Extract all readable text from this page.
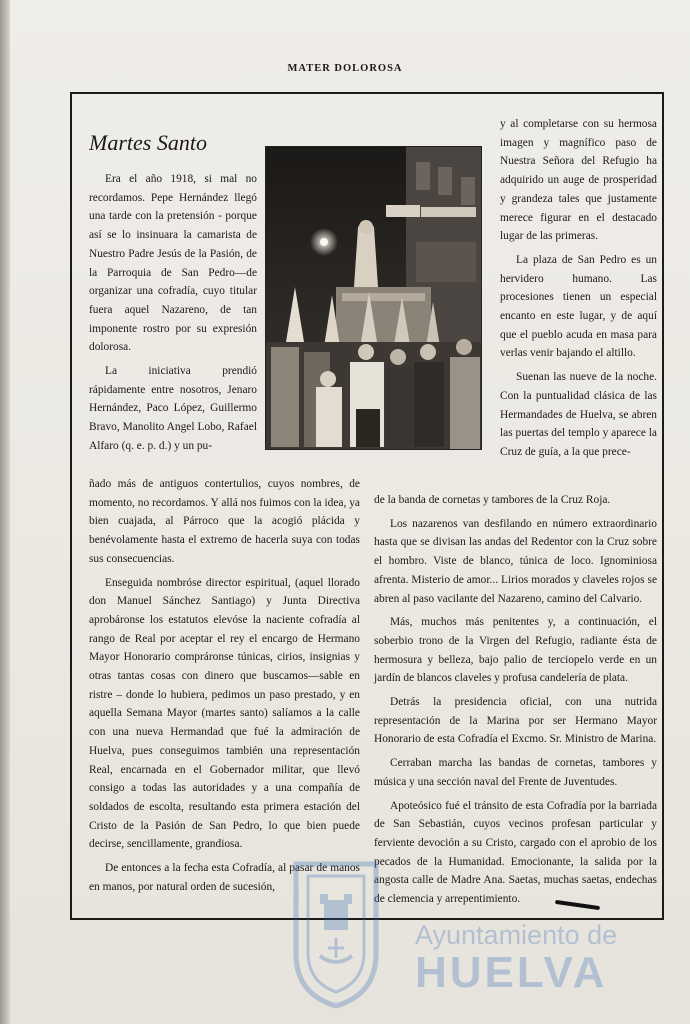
MATER DOLOROSA
Martes Santo

Era el año 1918, si mal no recordamos. Pepe Hernández llegó una tarde con la pretensión - porque así se lo insinuara la camarista de Nuestro Padre Jesús de la Pasión, de la Parroquia de San Pedro—de organizar una cofradía, cuyo titular fuera aquel Nazareno, de tan imponente rostro por su expresión dolorosa.

La iniciativa prendió rápidamente entre nosotros, Jenaro Hernández, Paco López, Guillermo Bravo, Manolito Angel Lobo, Rafael Alfaro (q. e. p. d.) y un pu-

y al completarse con su hermosa imagen y magnífico paso de Nuestra Señora del Refugio ha adquirido un auge de prosperidad y grandeza tales que justamente merece figurar en el destacado lugar de las primeras.

La plaza de San Pedro es un hervidero humano. Las procesiones tienen un especial encanto en este lugar, y de aquí que el pueblo acuda en masa para verlas venir bajando el altillo.

Suenan las nueve de la noche. Con la puntualidad clásica de las Hermandades de Huelva, se abren las puertas del templo y aparece la Cruz de guía, a la que prece-

ñado más de antiguos contertulios, cuyos nombres, de momento, no recordamos. Y allá nos fuimos con la idea, ya bien cuajada, al Párroco que la acogió plácida y benévolamente hasta el extremo de hacerla suya con todas sus consecuencias.

Enseguida nombróse director espiritual, (aquel llorado don Manuel Sánchez Santiago) y Junta Directiva aprobáronse los estatutos elevóse la naciente cofradía al rango de Real por aceptar el rey el encargo de Hermano Mayor Honorario compráronse túnicas, cirios, insignias y otras tantas cosas con dinero que buscamos—sable en ristre – donde lo hubiera, pedimos un paso prestado, y en aquella Semana Mayor (martes santo) salíamos a la calle con una nueva Hermandad que fué la admiración de Huelva, pues conseguimos también una representación Real, encarnada en el Gobernador militar, que llevó consigo a todas las autoridades y a una compañía de soldados de escolta, resultando esta primera estación del Cristo de la Pasión de San Pedro, lo que bien puede decirse, sencillamente, grandiosa.

De entonces a la fecha esta Cofradía, al pasar de manos en manos, por natural orden de sucesión,

de la banda de cornetas y tambores de la Cruz Roja.

Los nazarenos van desfilando en número extraordinario hasta que se divisan las andas del Redentor con la Cruz sobre el hombro. Viste de blanco, túnica de loco. Ignominiosa afrenta. Misterio de amor... Lirios morados y claveles rojos se abren al paso vacilante del Nazareno, camino del Calvario.

Más, muchos más penitentes y, a continuación, el soberbio trono de la Virgen del Refugio, radiante ésta de hermosura y belleza, bajo palio de terciopelo verde en un jardín de blancos claveles y profusa candelería de plata.

Detrás la presidencia oficial, con una nutrida representación de la Marina por ser Hermano Mayor Honorario de esta Cofradía el Excmo. Sr. Ministro de Marina.

Cerraban marcha las bandas de cornetas, tambores y música y una sección naval del Frente de Juventudes.

Apoteósico fué el tránsito de esta Cofradía por la barriada de San Sebastián, cuyos vecinos profesan particular y ferviente devoción a su Cristo, cargado con el aprobio de los pecados de la Humanidad. Emocionante, la salida por la angosta calle de Madre Ana. Saetas, muchas saetas, endechas de clemencia y arrepentimiento.

Ayuntamiento de
HUELVA
